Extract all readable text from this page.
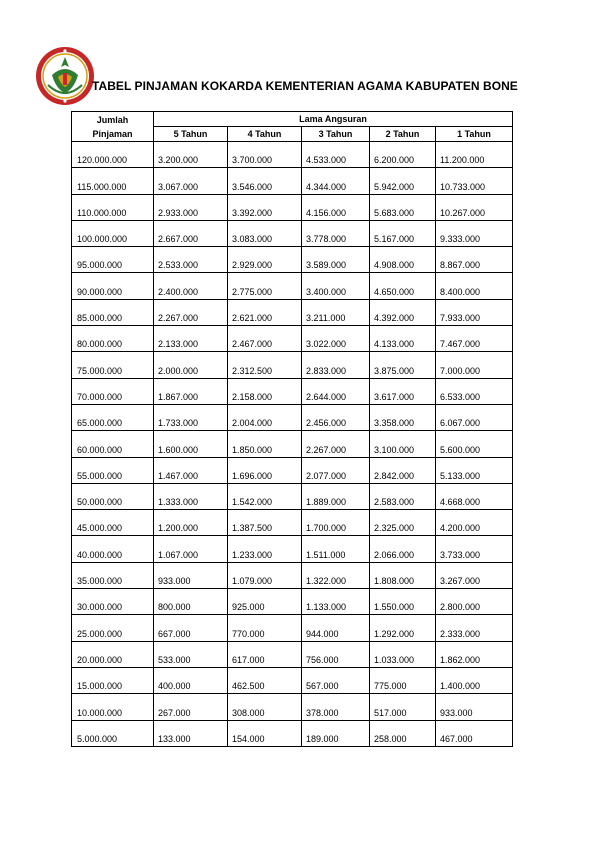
TABEL PINJAMAN KOKARDA KEMENTERIAN AGAMA KABUPATEN BONE
Jumlah
Pinjaman	Lama Angsuran				
	5 Tahun	4 Tahun	3 Tahun	2 Tahun	1 Tahun
120.000.000	3.200.000	3.700.000	4.533.000	6.200.000	11.200.000
115.000.000	3.067.000	3.546.000	4.344.000	5.942.000	10.733.000
110.000.000	2.933.000	3.392.000	4.156.000	5.683.000	10.267.000
100.000.000	2.667.000	3.083.000	3.778.000	5.167.000	9.333.000
95.000.000	2.533.000	2.929.000	3.589.000	4.908.000	8.867.000
90.000.000	2.400.000	2.775.000	3.400.000	4.650.000	8.400.000
85.000.000	2.267.000	2.621.000	3.211.000	4.392.000	7.933.000
80.000.000	2.133.000	2.467.000	3.022.000	4.133.000	7.467.000
75.000.000	2.000.000	2.312.500	2.833.000	3.875.000	7.000.000
70.000.000	1.867.000	2.158.000	2.644.000	3.617.000	6.533.000
65.000.000	1.733.000	2.004.000	2.456.000	3.358.000	6.067.000
60.000.000	1.600.000	1.850.000	2.267.000	3.100.000	5.600.000
55.000.000	1.467.000	1.696.000	2.077.000	2.842.000	5.133.000
50.000.000	1.333.000	1.542.000	1.889.000	2.583.000	4.668.000
45.000.000	1.200.000	1.387.500	1.700.000	2.325.000	4.200.000
40.000.000	1.067.000	1.233.000	1.511.000	2.066.000	3.733.000
35.000.000	933.000	1.079.000	1.322.000	1.808.000	3.267.000
30.000.000	800.000	925.000	1.133.000	1.550.000	2.800.000
25.000.000	667.000	770.000	944.000	1.292.000	2.333.000
20.000.000	533.000	617.000	756.000	1.033.000	1.862.000
15.000.000	400.000	462.500	567.000	775.000	1.400.000
10.000.000	267.000	308.000	378.000	517.000	933.000
5.000.000	133.000	154.000	189.000	258.000	467.000
